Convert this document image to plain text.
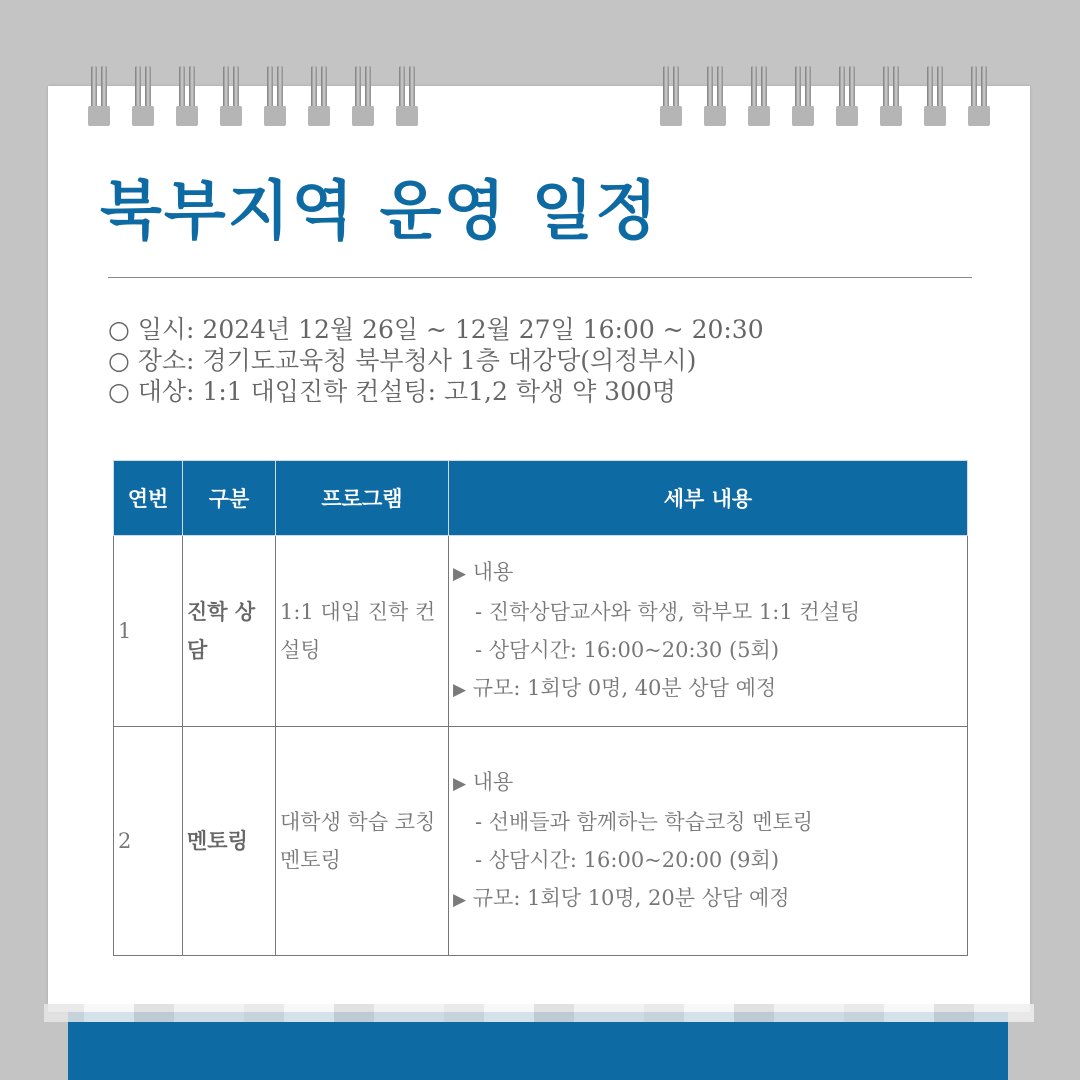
북부지역 운영 일정
○ 일시: 2024년 12월 26일 ~ 12월 27일 16:00 ~ 20:30
○ 장소: 경기도교육청 북부청사 1층 대강당(의정부시)
○ 대상: 1:1 대입진학 컨설팅: 고1,2 학생 약 300명
연번	구분	프로그램	세부 내용
1	진학 상담	1:1 대입 진학 컨설팅	▶ 내용
- 진학상담교사와 학생, 학부모 1:1 컨설팅
- 상담시간: 16:00~20:30 (5회)
▶ 규모: 1회당 0명, 40분 상담 예정

2	멘토링	대학생 학습 코칭 멘토링	▶ 내용
- 선배들과 함께하는 학습코칭 멘토링
- 상담시간: 16:00~20:00 (9회)
▶ 규모: 1회당 10명, 20분 상담 예정
